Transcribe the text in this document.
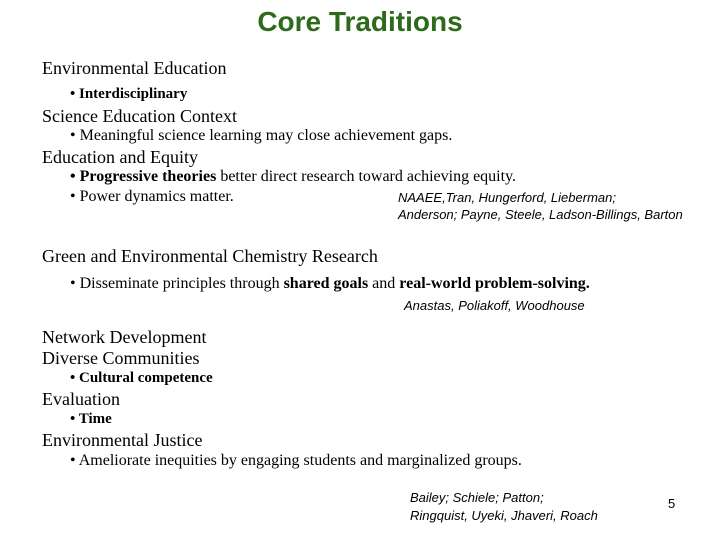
Core Traditions
Environmental Education
• Interdisciplinary
Science Education Context
• Meaningful science learning may close achievement gaps.
Education and Equity
• Progressive theories better direct research toward achieving equity.
• Power dynamics matter.	NAAEE,Tran, Hungerford, Lieberman;
Anderson; Payne, Steele, Ladson-Billings, Barton
Green and Environmental Chemistry Research
• Disseminate principles through shared goals and real-world problem-solving.
Anastas, Poliakoff, Woodhouse
Network Development
Diverse Communities
• Cultural competence
Evaluation
• Time
Environmental Justice
• Ameliorate inequities by engaging students and marginalized groups.
Bailey; Schiele; Patton;
Ringquist, Uyeki, Jhaveri, Roach
5
